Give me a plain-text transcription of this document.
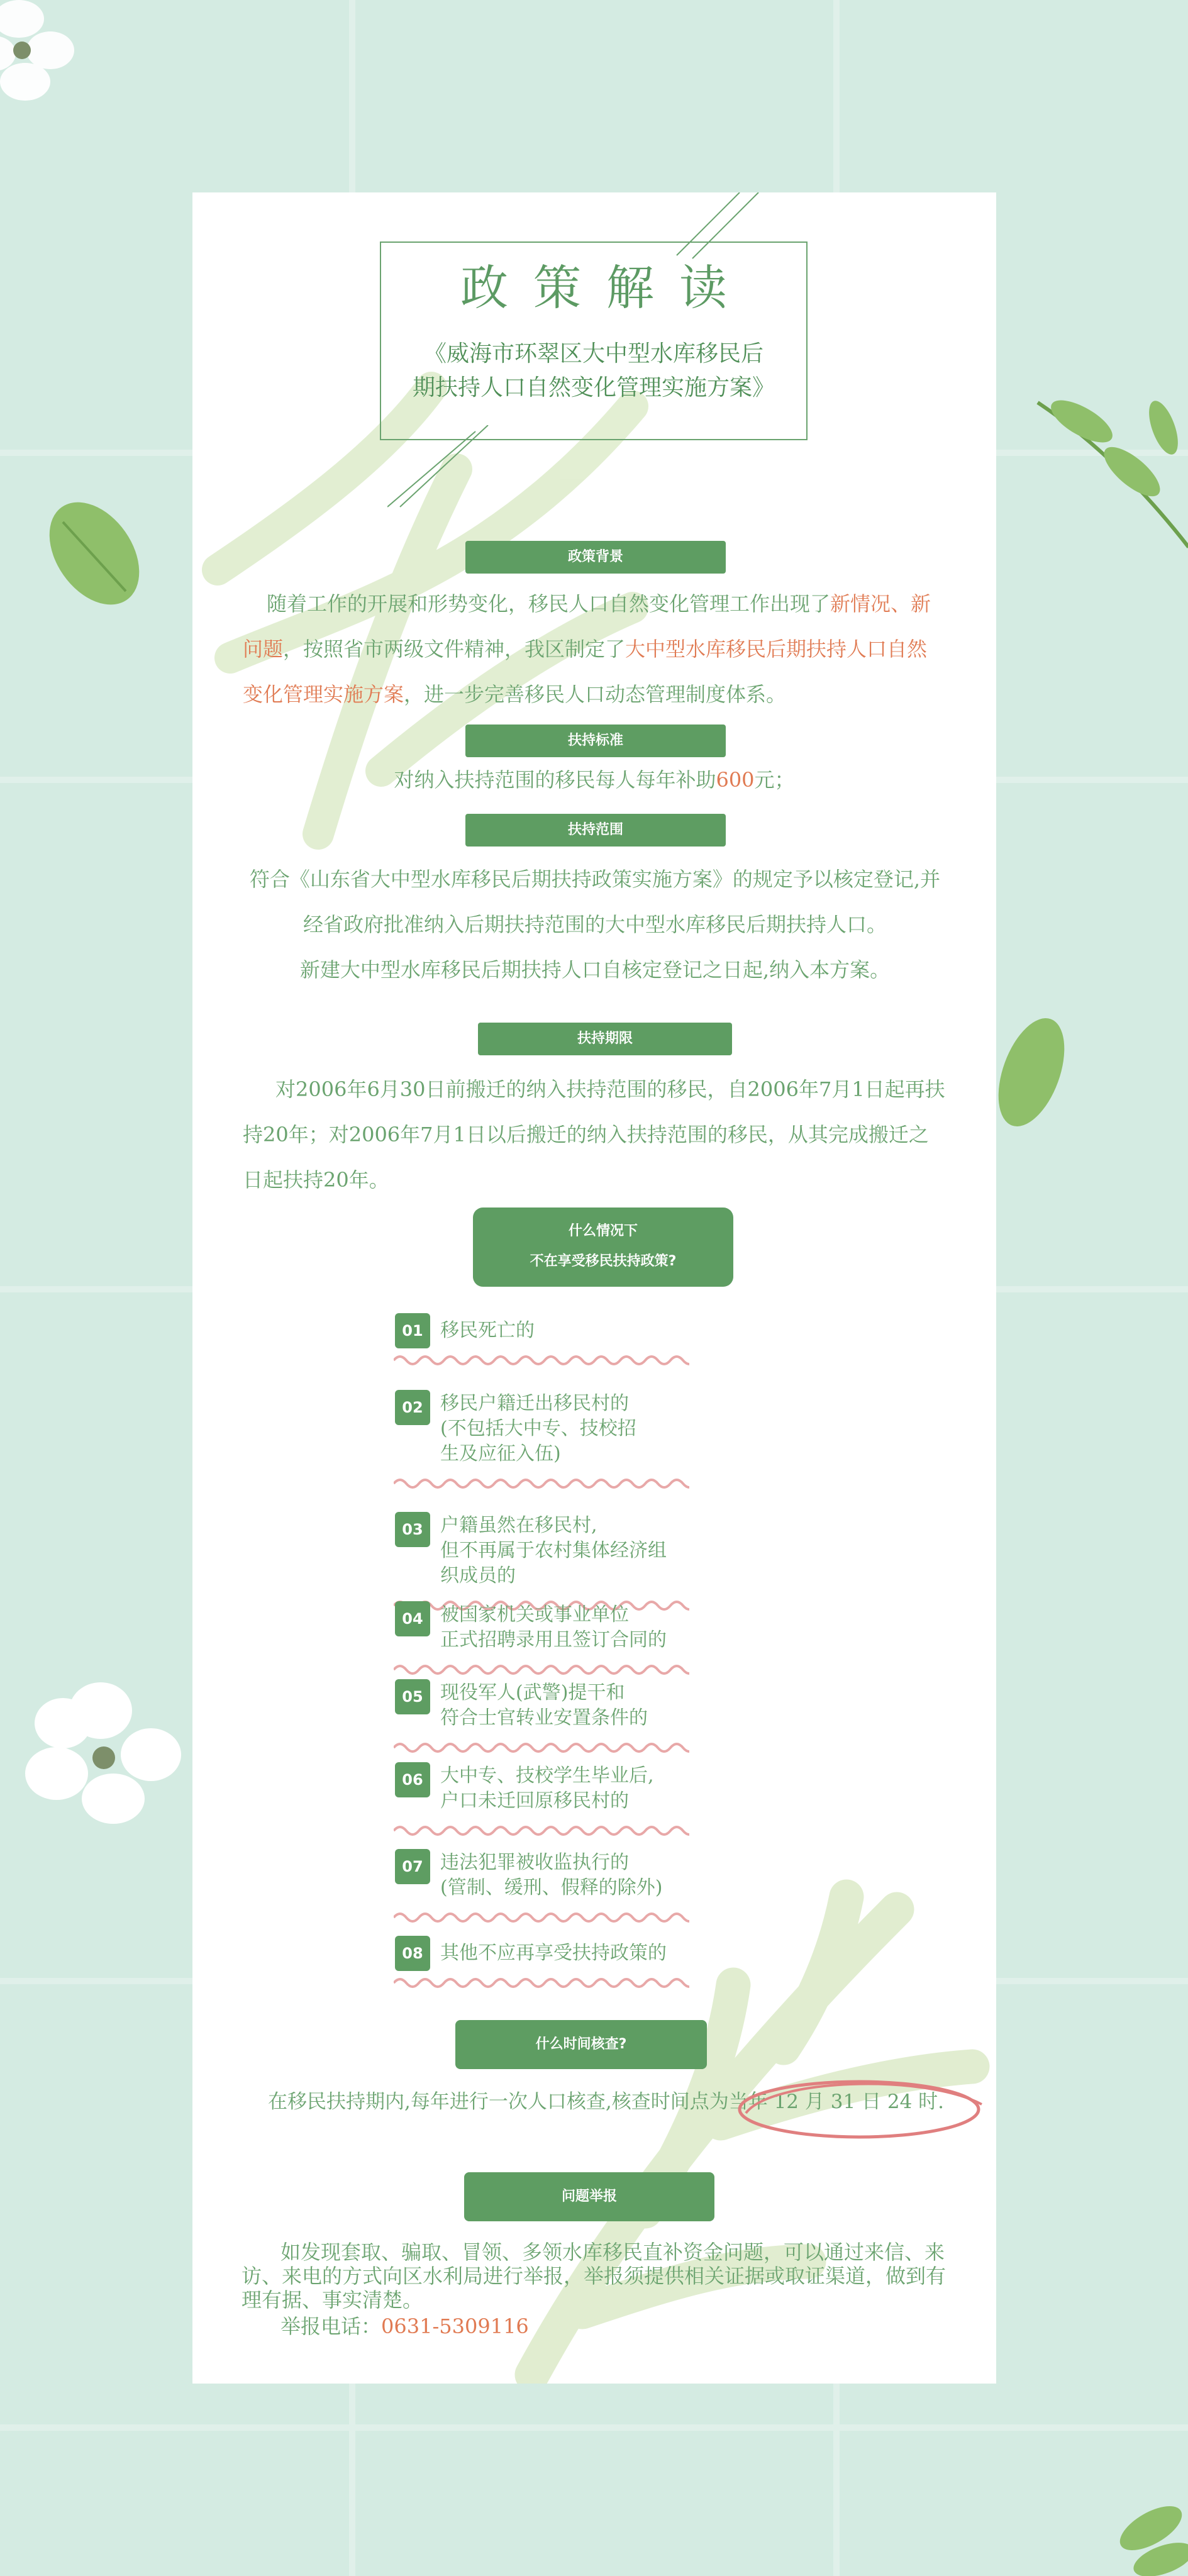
政策解读
《威海市环翠区大中型水库移民后
期扶持人口自然变化管理实施方案》
政策背景
随着工作的开展和形势变化，移民人口自然变化管理工作出现了新情况、新问题，按照省市两级文件精神，我区制定了大中型水库移民后期扶持人口自然变化管理实施方案，进一步完善移民人口动态管理制度体系。
扶持标准
对纳入扶持范围的移民每人每年补助600元；
扶持范围
符合《山东省大中型水库移民后期扶持政策实施方案》的规定予以核定登记,并经省政府批准纳入后期扶持范围的大中型水库移民后期扶持人口。
新建大中型水库移民后期扶持人口自核定登记之日起,纳入本方案。
扶持期限
对2006年6月30日前搬迁的纳入扶持范围的移民，自2006年7月1日起再扶持20年；对2006年7月1日以后搬迁的纳入扶持范围的移民，从其完成搬迁之日起扶持20年。
什么情况下
不在享受移民扶持政策?
什么时间核查?
在移民扶持期内,每年进行一次人口核查,核查时间点为当年 12 月 31 日 24 时.
问题举报
如发现套取、骗取、冒领、多领水库移民直补资金问题，可以通过来信、来访、来电的方式向区水利局进行举报，举报须提供相关证据或取证渠道，做到有理有据、事实清楚。
举报电话：0631-5309116
01 移民死亡的
02 移民户籍迁出移民村的
(不包括大中专、技校招
生及应征入伍)
03 户籍虽然在移民村,
但不再属于农村集体经济组
织成员的
04 被国家机关或事业单位
正式招聘录用且签订合同的
05 现役军人(武警)提干和
符合士官转业安置条件的
06 大中专、技校学生毕业后,
户口未迁回原移民村的
07 违法犯罪被收监执行的
(管制、缓刑、假释的除外)
08 其他不应再享受扶持政策的
